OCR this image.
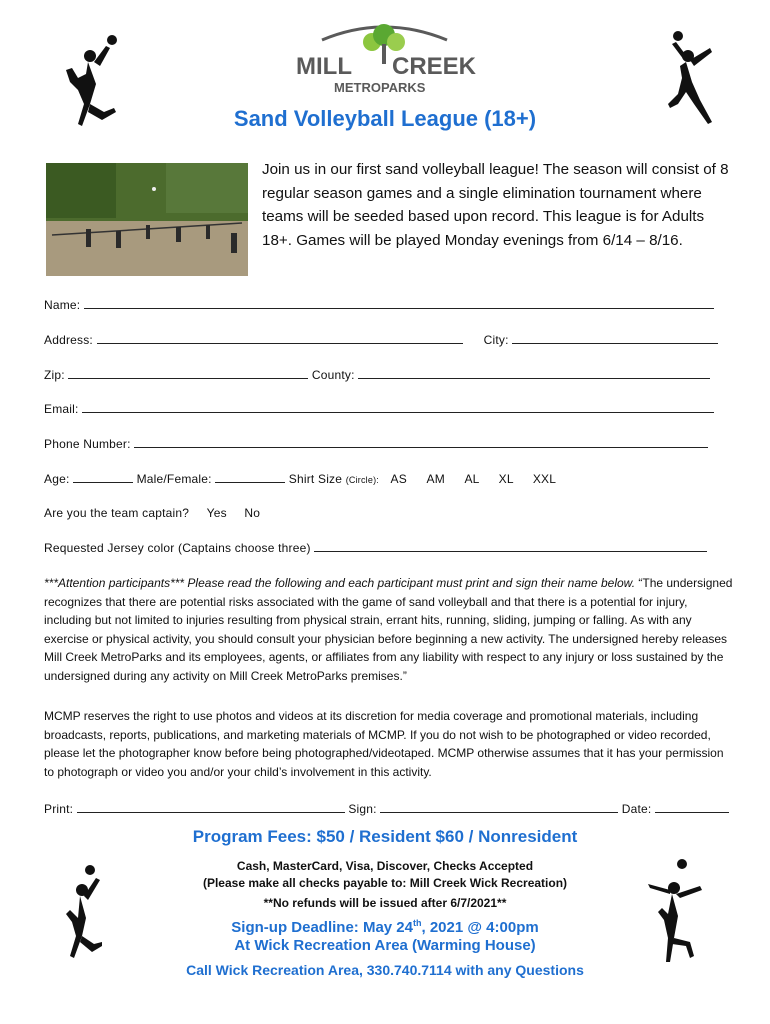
MILL CREEK
METROPARKS
Sand Volleyball League (18+)
Join us in our first sand volleyball league! The season will consist of 8 regular season games and a single elimination tournament where teams will be seeded based upon record. This league is for Adults 18+. Games will be played Monday evenings from 6/14 – 8/16.
Name:
Address:	City:
Zip:	County:
Email:
Phone Number:
Age:	Male/Female:	Shirt Size (Circle): AS AM AL XL XXL
Are you the team captain? Yes No
Requested Jersey color (Captains choose three)
***Attention participants*** Please read the following and each participant must print and sign their name below. “The undersigned recognizes that there are potential risks associated with the game of sand volleyball and that there is a potential for injury, including but not limited to injuries resulting from physical strain, errant hits, running, sliding, jumping or falling. As with any exercise or physical activity, you should consult your physician before beginning a new activity. The undersigned hereby releases Mill Creek MetroParks and its employees, agents, or affiliates from any liability with respect to any injury or loss sustained by the undersigned during any activity on Mill Creek MetroParks premises.”
MCMP reserves the right to use photos and videos at its discretion for media coverage and promotional materials, including broadcasts, reports, publications, and marketing materials of MCMP. If you do not wish to be photographed or video recorded, please let the photographer know before being photographed/videotaped. MCMP otherwise assumes that it has your permission to photograph or video you and/or your child’s involvement in this activity.
Print:	Sign:	Date:
Program Fees: $50 / Resident $60 / Nonresident
Cash, MasterCard, Visa, Discover, Checks Accepted
(Please make all checks payable to: Mill Creek Wick Recreation)
**No refunds will be issued after 6/7/2021**
Sign-up Deadline: May 24th, 2021 @ 4:00pm
At Wick Recreation Area (Warming House)
Call Wick Recreation Area, 330.740.7114 with any Questions
